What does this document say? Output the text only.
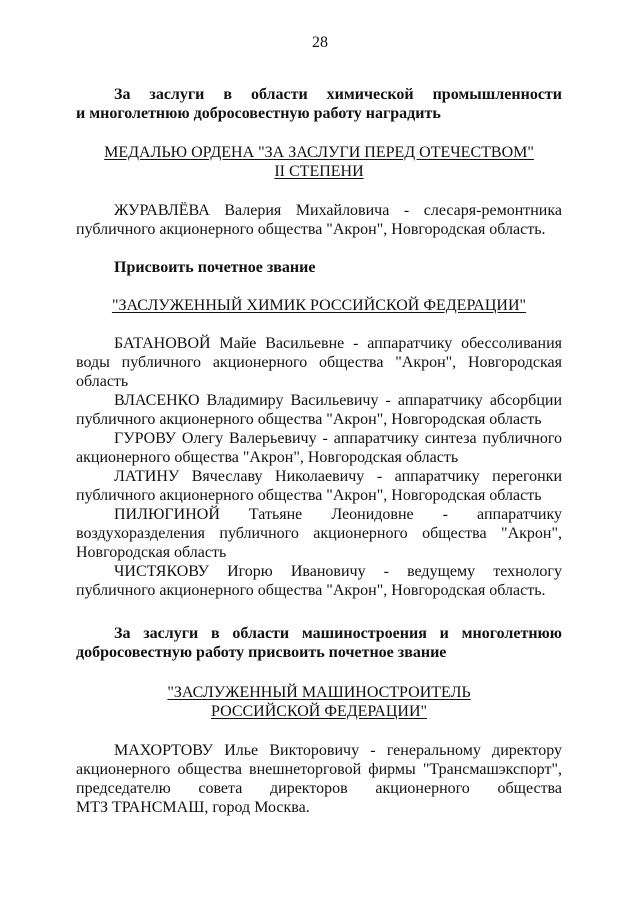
28
За заслуги в области химической промышленности
и многолетнюю добросовестную работу наградить
МЕДАЛЬЮ ОРДЕНА "ЗА ЗАСЛУГИ ПЕРЕД ОТЕЧЕСТВОМ"
II СТЕПЕНИ
ЖУРАВЛЁВА Валерия Михайловича - слесаря-ремонтника
публичного акционерного общества "Акрон", Новгородская область.
Присвоить почетное звание
"ЗАСЛУЖЕННЫЙ ХИМИК РОССИЙСКОЙ ФЕДЕРАЦИИ"

БАТАНОВОЙ Майе Васильевне - аппаратчику обессоливания
воды публичного акционерного общества "Акрон", Новгородская
область

ВЛАСЕНКО Владимиру Васильевичу - аппаратчику абсорбции
публичного акционерного общества "Акрон", Новгородская область

ГУРОВУ Олегу Валерьевичу - аппаратчику синтеза публичного
акционерного общества "Акрон", Новгородская область

ЛАТИНУ Вячеславу Николаевичу - аппаратчику перегонки
публичного акционерного общества "Акрон", Новгородская область

ПИЛЮГИНОЙ Татьяне Леонидовне - аппаратчику
воздухоразделения публичного акционерного общества "Акрон",
Новгородская область

ЧИСТЯКОВУ Игорю Ивановичу - ведущему технологу
публичного акционерного общества "Акрон", Новгородская область.

За заслуги в области машиностроения и многолетнюю
добросовестную работу присвоить почетное звание
"ЗАСЛУЖЕННЫЙ МАШИНОСТРОИТЕЛЬ
РОССИЙСКОЙ ФЕДЕРАЦИИ"
МАХОРТОВУ Илье Викторовичу - генеральному директору
акционерного общества внешнеторговой фирмы "Трансмашэкспорт",
председателю совета директоров акционерного общества
МТЗ ТРАНСМАШ, город Москва.
